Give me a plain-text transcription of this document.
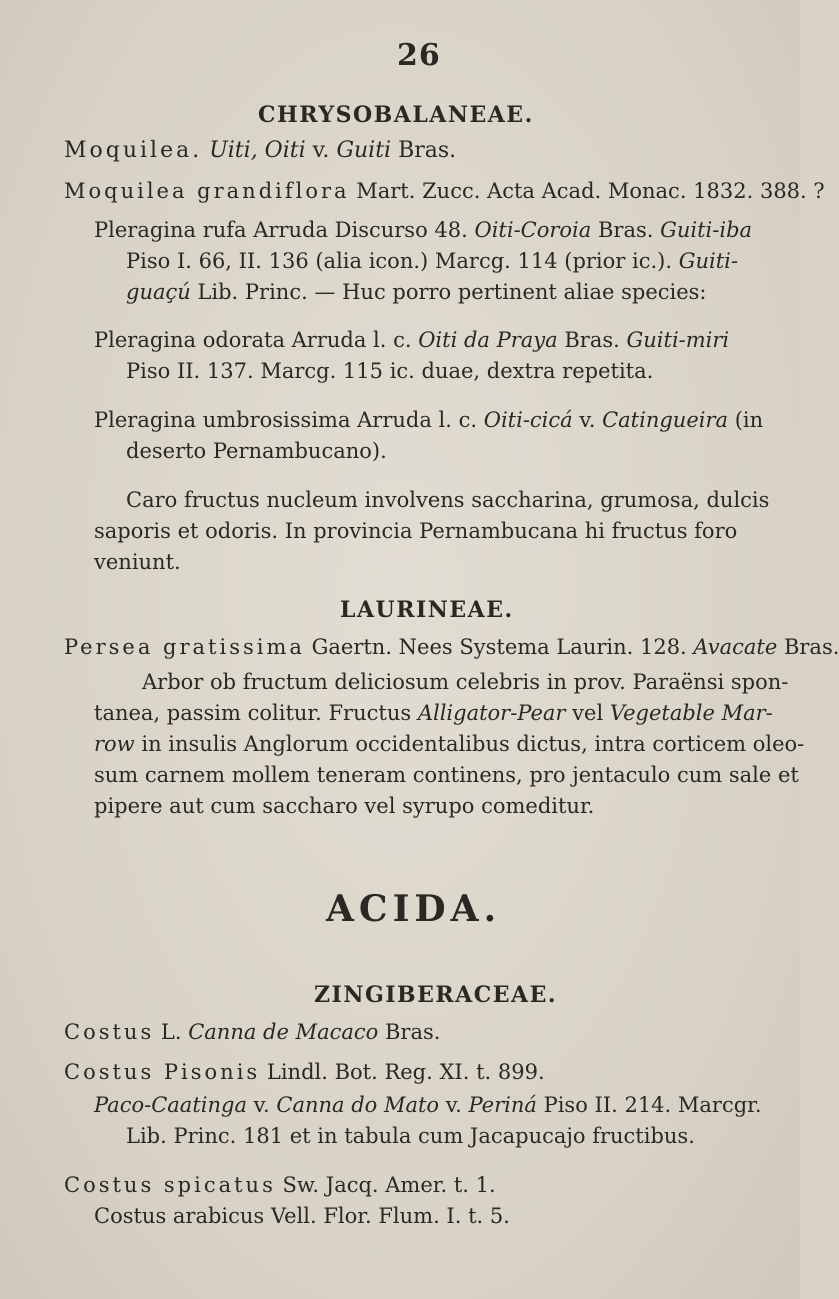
26
CHRYSOBALANEAE.
Moquilea. Uiti, Oiti v. Guiti Bras.
Moquilea grandiflora Mart. Zucc. Acta Acad. Monac. 1832. 388. ?
Pleragina rufa Arruda Discurso 48. Oiti-Coroia Bras. Guiti-iba
Piso I. 66, II. 136 (alia icon.) Marcg. 114 (prior ic.). Guiti-
guaçú Lib. Princ. — Huc porro pertinent aliae species:
Pleragina odorata Arruda l. c. Oiti da Praya Bras. Guiti-miri
Piso II. 137. Marcg. 115 ic. duae, dextra repetita.
Pleragina umbrosissima Arruda l. c. Oiti-cicá v. Catingueira (in
deserto Pernambucano).
Caro fructus nucleum involvens saccharina, grumosa, dulcis
saporis et odoris. In provincia Pernambucana hi fructus foro
veniunt.
LAURINEAE.
Persea gratissima Gaertn. Nees Systema Laurin. 128. Avacate Bras.
Arbor ob fructum deliciosum celebris in prov. Paraënsi spon-
tanea, passim colitur. Fructus Alligator-Pear vel Vegetable Mar-
row in insulis Anglorum occidentalibus dictus, intra corticem oleo-
sum carnem mollem teneram continens, pro jentaculo cum sale et
pipere aut cum saccharo vel syrupo comeditur.
ACIDA.
ZINGIBERACEAE.
Costus L. Canna de Macaco Bras.
Costus Pisonis Lindl. Bot. Reg. XI. t. 899.
Paco-Caatinga v. Canna do Mato v. Periná Piso II. 214. Marcgr.
Lib. Princ. 181 et in tabula cum Jacapucajo fructibus.
Costus spicatus Sw. Jacq. Amer. t. 1.
Costus arabicus Vell. Flor. Flum. I. t. 5.
